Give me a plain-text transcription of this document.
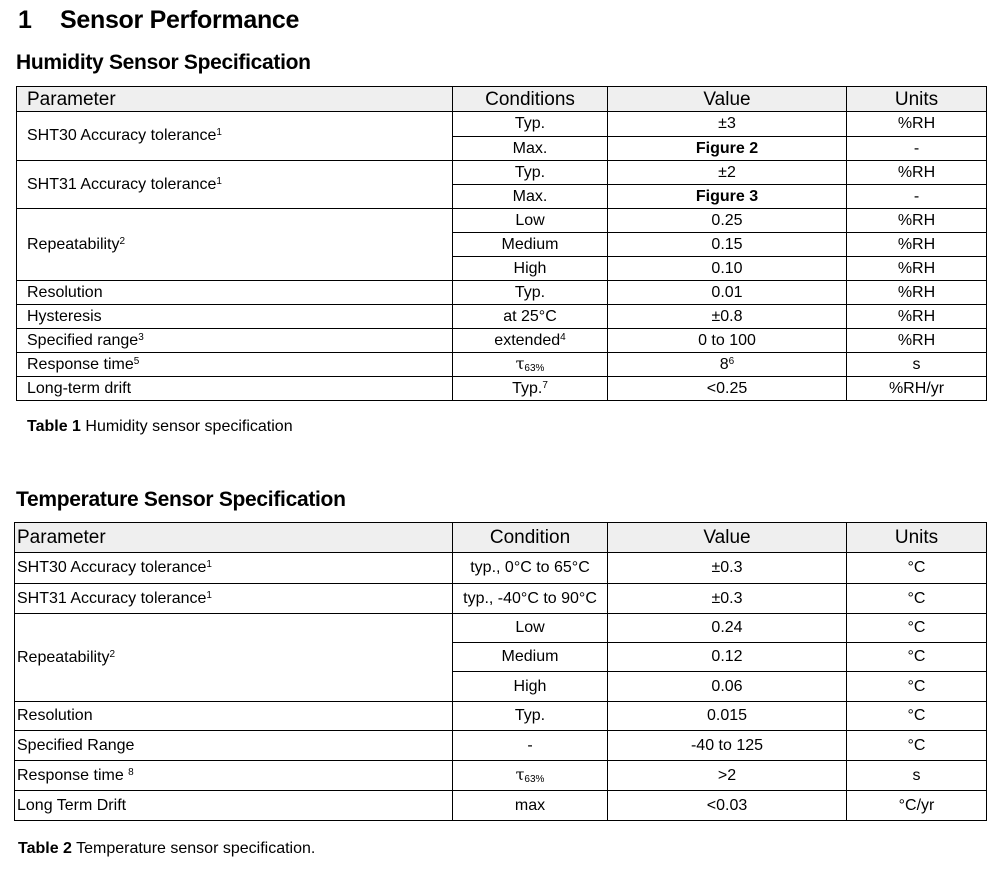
1 Sensor Performance
Humidity Sensor Specification
Parameter	Conditions	Value	Units
SHT30 Accuracy tolerance$^1$	Typ.	±3	%RH
	Max.	Figure 2	-
SHT31 Accuracy tolerance$^1$	Typ.	±2	%RH
	Max.	Figure 3	-
Repeatability$^2$	Low	0.25	%RH
	Medium	0.15	%RH
	High	0.10	%RH
Resolution	Typ.	0.01	%RH
Hysteresis	at 25°C	±0.8	%RH
Specified range$^3$	extended$^4$	0 to 100	%RH
Response time$^5$	$\tau_{63\%}$	$8^6$	s
Long-term drift	Typ.$^7$	<0.25	%RH/yr
Table 1 Humidity sensor specification
Temperature Sensor Specification
Parameter	Condition	Value	Units
SHT30 Accuracy tolerance$^1$	typ., 0°C to 65°C	±0.3	°C
SHT31 Accuracy tolerance$^1$	typ., -40°C to 90°C	±0.3	°C
Repeatability$^2$	Low	0.24	°C
	Medium	0.12	°C
	High	0.06	°C
Resolution	Typ.	0.015	°C
Specified Range	-	-40 to 125	°C
Response time $^8$	$\tau_{63\%}$	>2	s
Long Term Drift	max	<0.03	°C/yr
Table 2 Temperature sensor specification.
